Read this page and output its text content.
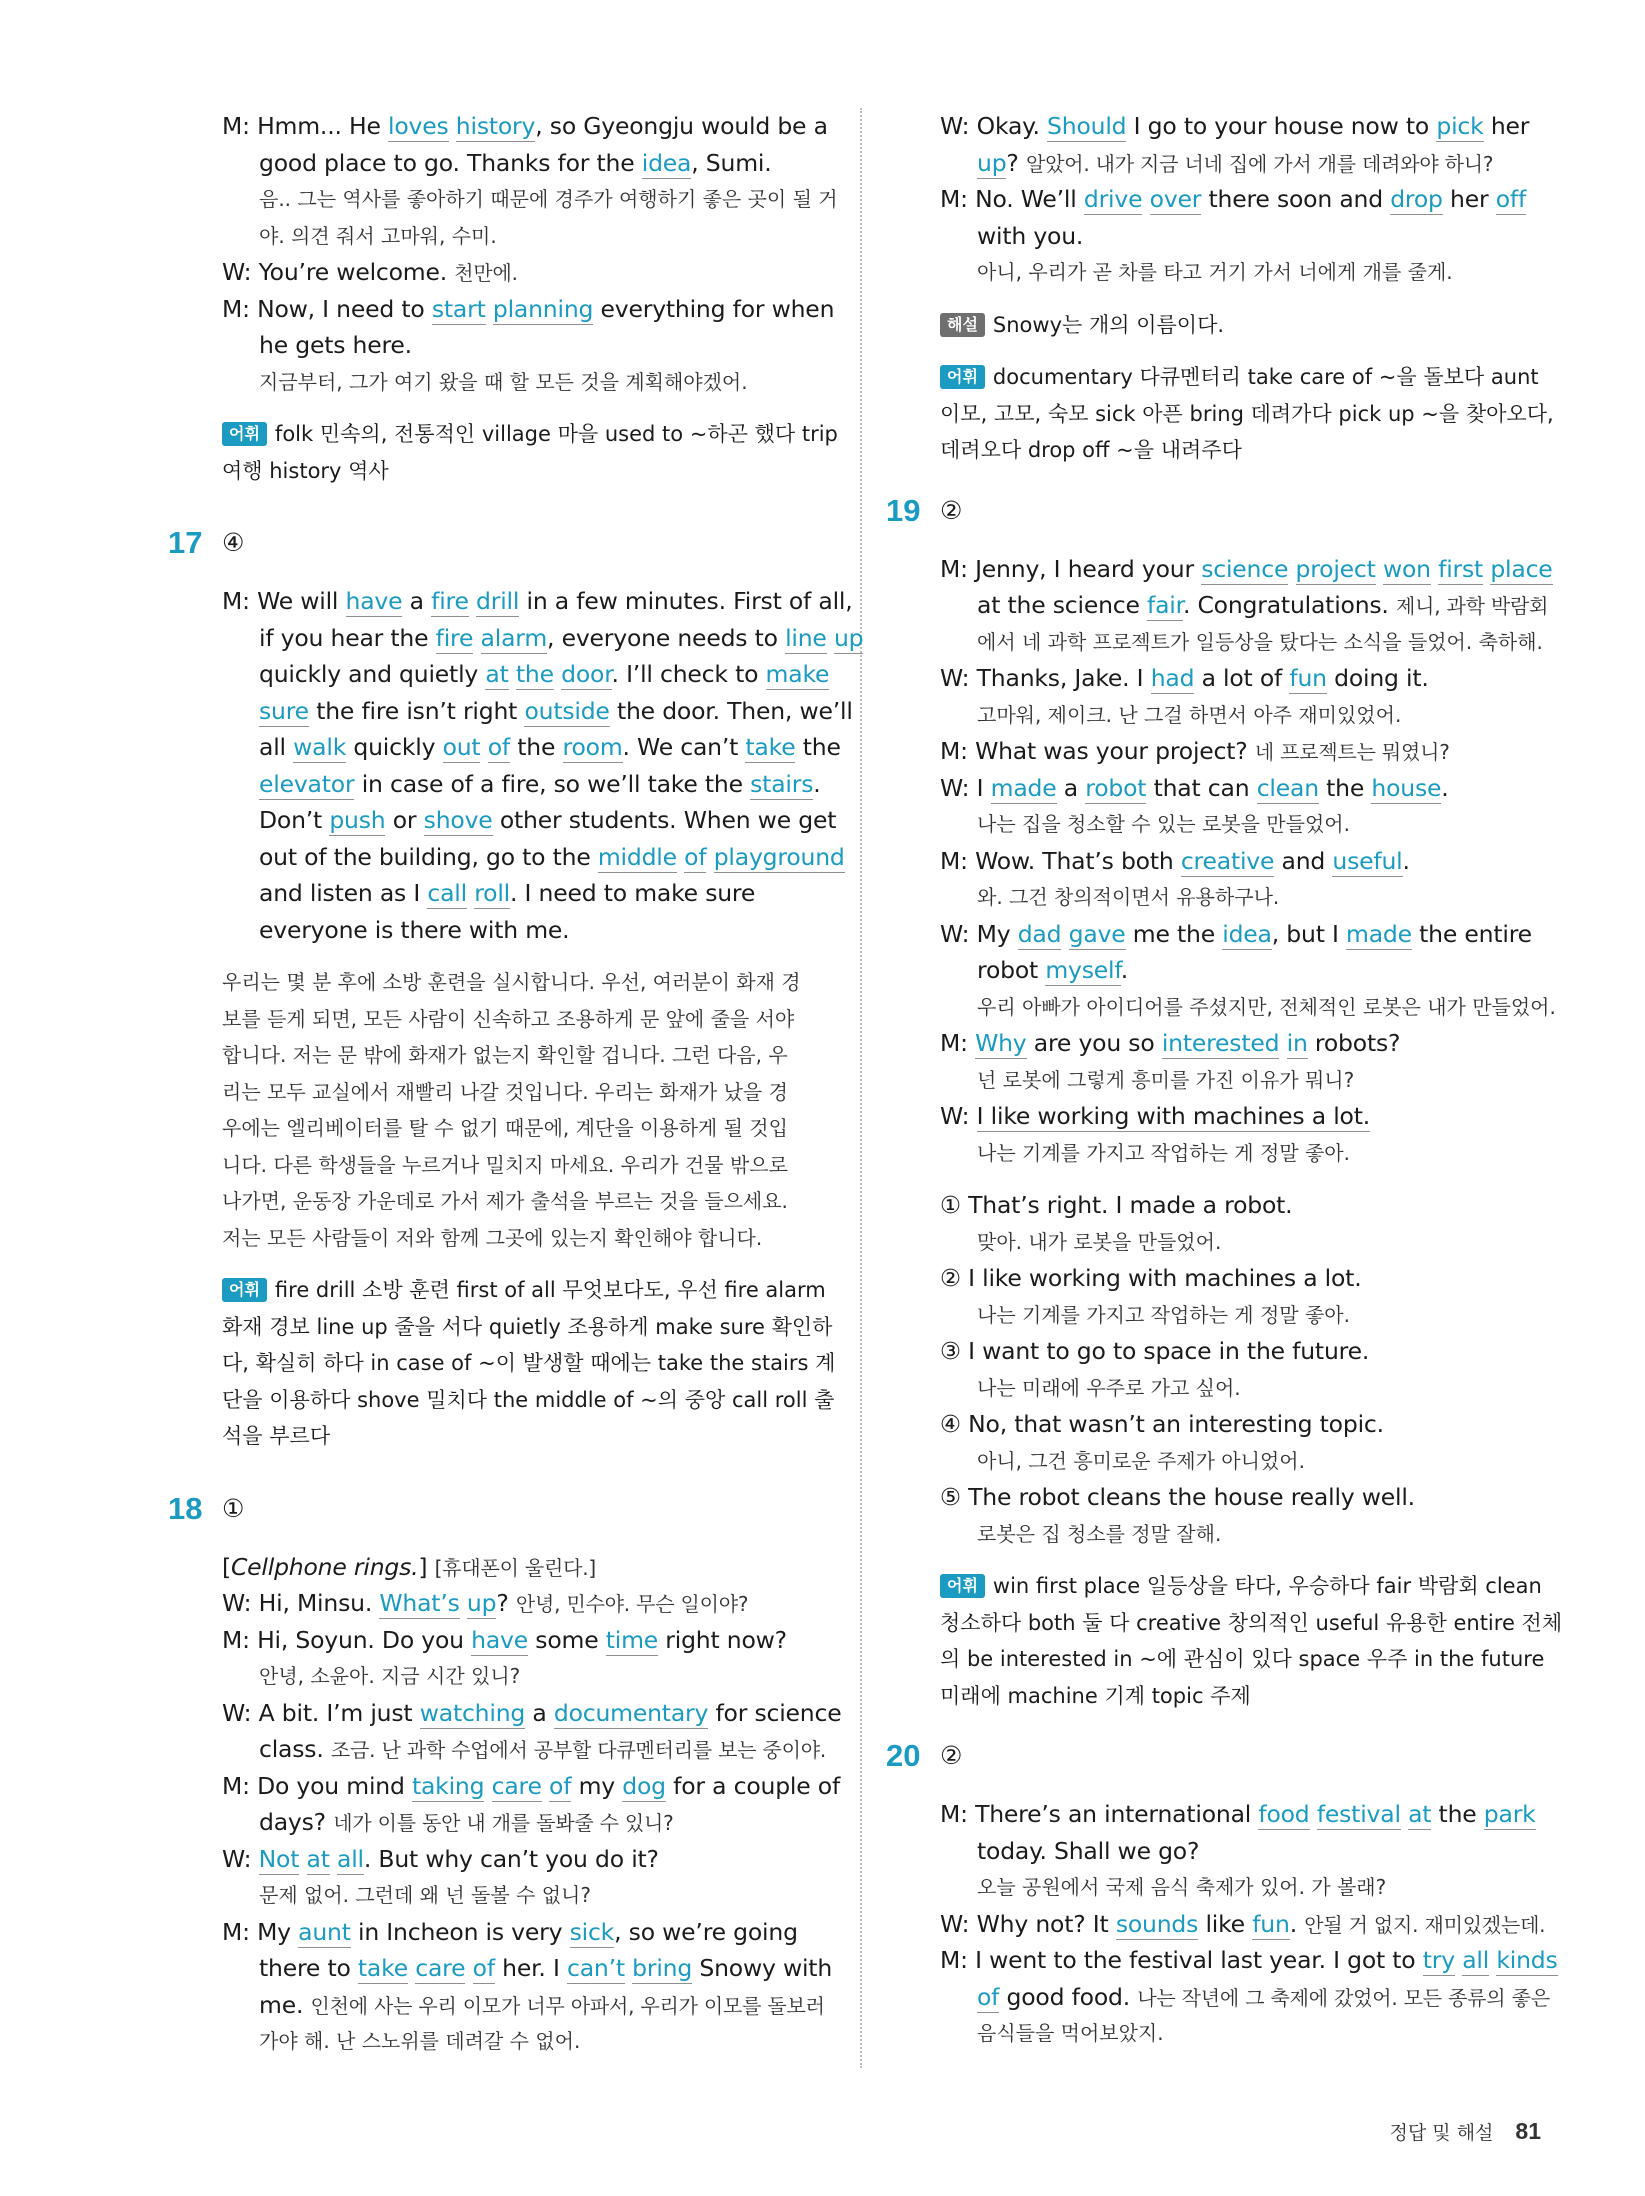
M: Hmm... He loves history, so Gyeongju would be a
good place to go. Thanks for the idea, Sumi.
음.. 그는 역사를 좋아하기 때문에 경주가 여행하기 좋은 곳이 될 거
야. 의견 줘서 고마워, 수미.
W: You’re welcome. 천만에.
M: Now, I need to start planning everything for when
he gets here.
지금부터, 그가 여기 왔을 때 할 모든 것을 계획해야겠어.
어휘 folk 민속의, 전통적인 village 마을 used to ~하곤 했다 trip
여행 history 역사
17 ④
M: We will have a fire drill in a few minutes. First of all,
if you hear the fire alarm, everyone needs to line up
quickly and quietly at the door. I’ll check to make
sure the fire isn’t right outside the door. Then, we’ll
all walk quickly out of the room. We can’t take the
elevator in case of a fire, so we’ll take the stairs.
Don’t push or shove other students. When we get
out of the building, go to the middle of playground
and listen as I call roll. I need to make sure
everyone is there with me.
우리는 몇 분 후에 소방 훈련을 실시합니다. 우선, 여러분이 화재 경
보를 듣게 되면, 모든 사람이 신속하고 조용하게 문 앞에 줄을 서야
합니다. 저는 문 밖에 화재가 없는지 확인할 겁니다. 그런 다음, 우
리는 모두 교실에서 재빨리 나갈 것입니다. 우리는 화재가 났을 경
우에는 엘리베이터를 탈 수 없기 때문에, 계단을 이용하게 될 것입
니다. 다른 학생들을 누르거나 밀치지 마세요. 우리가 건물 밖으로
나가면, 운동장 가운데로 가서 제가 출석을 부르는 것을 들으세요.
저는 모든 사람들이 저와 함께 그곳에 있는지 확인해야 합니다.
어휘 fire drill 소방 훈련 first of all 무엇보다도, 우선 fire alarm
화재 경보 line up 줄을 서다 quietly 조용하게 make sure 확인하
다, 확실히 하다 in case of ~이 발생할 때에는 take the stairs 계
단을 이용하다 shove 밀치다 the middle of ~의 중앙 call roll 출
석을 부르다
18 ①
[Cellphone rings.] [휴대폰이 울린다.]
W: Hi, Minsu. What’s up? 안녕, 민수야. 무슨 일이야?
M: Hi, Soyun. Do you have some time right now?
안녕, 소윤아. 지금 시간 있니?
W: A bit. I’m just watching a documentary for science
class. 조금. 난 과학 수업에서 공부할 다큐멘터리를 보는 중이야.
M: Do you mind taking care of my dog for a couple of
days? 네가 이틀 동안 내 개를 돌봐줄 수 있니?
W: Not at all. But why can’t you do it?
문제 없어. 그런데 왜 넌 돌볼 수 없니?
M: My aunt in Incheon is very sick, so we’re going
there to take care of her. I can’t bring Snowy with
me. 인천에 사는 우리 이모가 너무 아파서, 우리가 이모를 돌보러
가야 해. 난 스노위를 데려갈 수 없어.
W: Okay. Should I go to your house now to pick her
up? 알았어. 내가 지금 너네 집에 가서 개를 데려와야 하니?
M: No. We’ll drive over there soon and drop her off
with you.
아니, 우리가 곧 차를 타고 거기 가서 너에게 개를 줄게.
해설 Snowy는 개의 이름이다.
어휘 documentary 다큐멘터리 take care of ~을 돌보다 aunt
이모, 고모, 숙모 sick 아픈 bring 데려가다 pick up ~을 찾아오다,
데려오다 drop off ~을 내려주다
19 ②
M: Jenny, I heard your science project won first place
at the science fair. Congratulations. 제니, 과학 박람회
에서 네 과학 프로젝트가 일등상을 탔다는 소식을 들었어. 축하해.
W: Thanks, Jake. I had a lot of fun doing it.
고마워, 제이크. 난 그걸 하면서 아주 재미있었어.
M: What was your project? 네 프로젝트는 뭐였니?
W: I made a robot that can clean the house.
나는 집을 청소할 수 있는 로봇을 만들었어.
M: Wow. That’s both creative and useful.
와. 그건 창의적이면서 유용하구나.
W: My dad gave me the idea, but I made the entire
robot myself.
우리 아빠가 아이디어를 주셨지만, 전체적인 로봇은 내가 만들었어.
M: Why are you so interested in robots?
넌 로봇에 그렇게 흥미를 가진 이유가 뭐니?
W: I like working with machines a lot.
나는 기계를 가지고 작업하는 게 정말 좋아.
① That’s right. I made a robot.
맞아. 내가 로봇을 만들었어.
② I like working with machines a lot.
나는 기계를 가지고 작업하는 게 정말 좋아.
③ I want to go to space in the future.
나는 미래에 우주로 가고 싶어.
④ No, that wasn’t an interesting topic.
아니, 그건 흥미로운 주제가 아니었어.
⑤ The robot cleans the house really well.
로봇은 집 청소를 정말 잘해.
어휘 win first place 일등상을 타다, 우승하다 fair 박람회 clean
청소하다 both 둘 다 creative 창의적인 useful 유용한 entire 전체
의 be interested in ~에 관심이 있다 space 우주 in the future
미래에 machine 기계 topic 주제
20 ②
M: There’s an international food festival at the park
today. Shall we go?
오늘 공원에서 국제 음식 축제가 있어. 가 볼래?
W: Why not? It sounds like fun. 안될 거 없지. 재미있겠는데.
M: I went to the festival last year. I got to try all kinds
of good food. 나는 작년에 그 축제에 갔었어. 모든 종류의 좋은
음식들을 먹어보았지.
정답 및 해설 81
